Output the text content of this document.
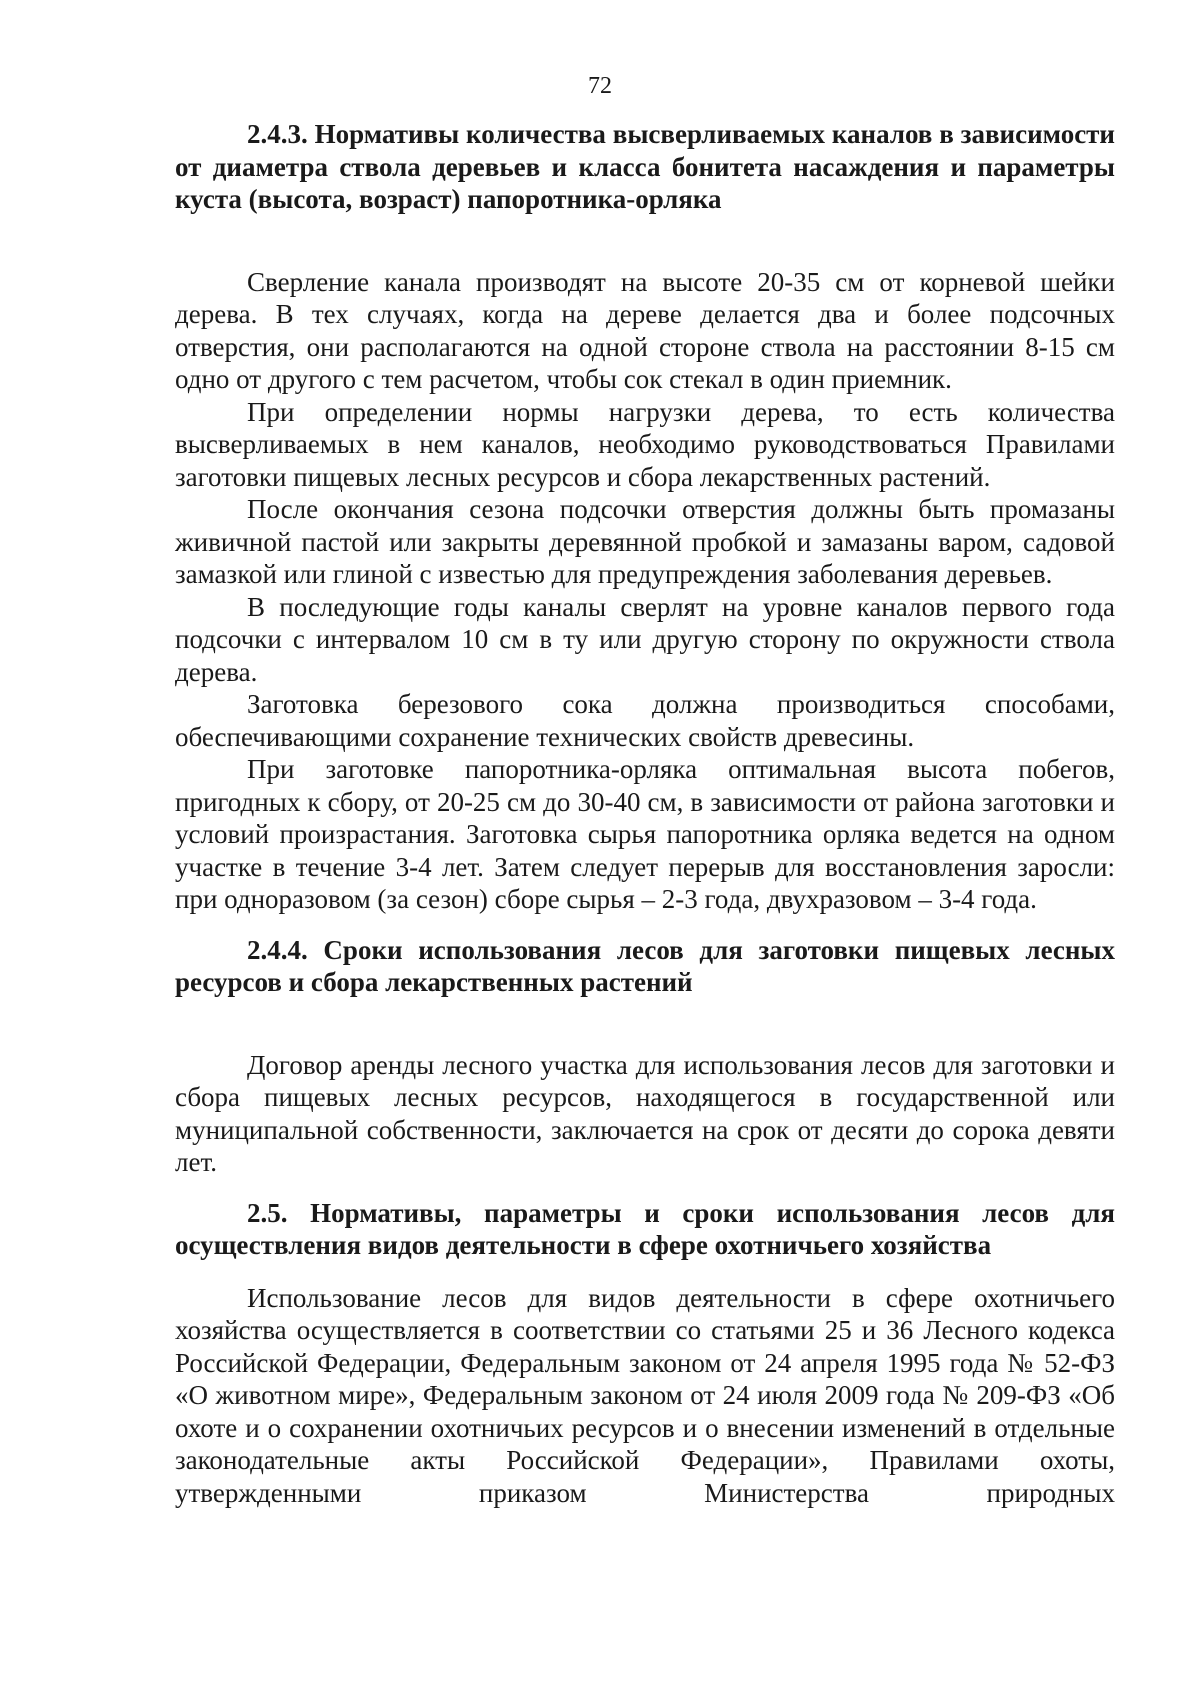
72
2.4.3. Нормативы количества высверливаемых каналов в зависимости от диаметра ствола деревьев и класса бонитета насаждения и параметры куста (высота, возраст) папоротника-орляка

Сверление канала производят на высоте 20-35 см от корневой шейки дерева. В тех случаях, когда на дереве делается два и более подсочных отверстия, они располагаются на одной стороне ствола на расстоянии 8-15 см одно от другого с тем расчетом, чтобы сок стекал в один приемник.

При определении нормы нагрузки дерева, то есть количества высверливаемых в нем каналов, необходимо руководствоваться Правилами заготовки пищевых лесных ресурсов и сбора лекарственных растений.

После окончания сезона подсочки отверстия должны быть промазаны живичной пастой или закрыты деревянной пробкой и замазаны варом, садовой замазкой или глиной с известью для предупреждения заболевания деревьев.

В последующие годы каналы сверлят на уровне каналов первого года подсочки с интервалом 10 см в ту или другую сторону по окружности ствола дерева.

Заготовка березового сока должна производиться способами, обеспечивающими сохранение технических свойств древесины.

При заготовке папоротника-орляка оптимальная высота побегов, пригодных к сбору, от 20-25 см до 30-40 см, в зависимости от района заготовки и условий произрастания. Заготовка сырья папоротника орляка ведется на одном участке в течение 3-4 лет. Затем следует перерыв для восстановления заросли: при одноразовом (за сезон) сборе сырья – 2-3 года, двухразовом – 3-4 года.

2.4.4. Сроки использования лесов для заготовки пищевых лесных ресурсов и сбора лекарственных растений

Договор аренды лесного участка для использования лесов для заготовки и сбора пищевых лесных ресурсов, находящегося в государственной или муниципальной собственности, заключается на срок от десяти до сорока девяти лет.

2.5. Нормативы, параметры и сроки использования лесов для осуществления видов деятельности в сфере охотничьего хозяйства

Использование лесов для видов деятельности в сфере охотничьего хозяйства осуществляется в соответствии со статьями 25 и 36 Лесного кодекса Российской Федерации, Федеральным законом от 24 апреля 1995 года № 52-ФЗ «О животном мире», Федеральным законом от 24 июля 2009 года № 209-ФЗ «Об охоте и о сохранении охотничьих ресурсов и о внесении изменений в отдельные законодательные акты Российской Федерации», Правилами охоты, утвержденными приказом Министерства природных
